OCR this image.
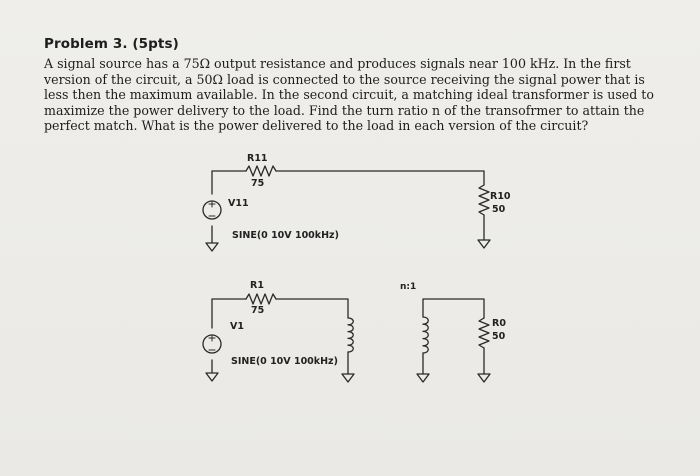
Problem 3. (5pts)
A signal source has a 75Ω output resistance and produces signals near 100 kHz. In the first
version of the circuit, a 50Ω load is connected to the source receiving the signal power that is
less then the maximum available. In the second circuit, a matching ideal transformer is used to
maximize the power delivery to the load. Find the turn ratio n of the transofrmer to attain the
perfect match. What is the power delivered to the load in each version of the circuit?
R11
75
V11
SINE(0 10V 100kHz)
R10
50
R1
75
V1
SINE(0 10V 100kHz)
n:1
R0
50
